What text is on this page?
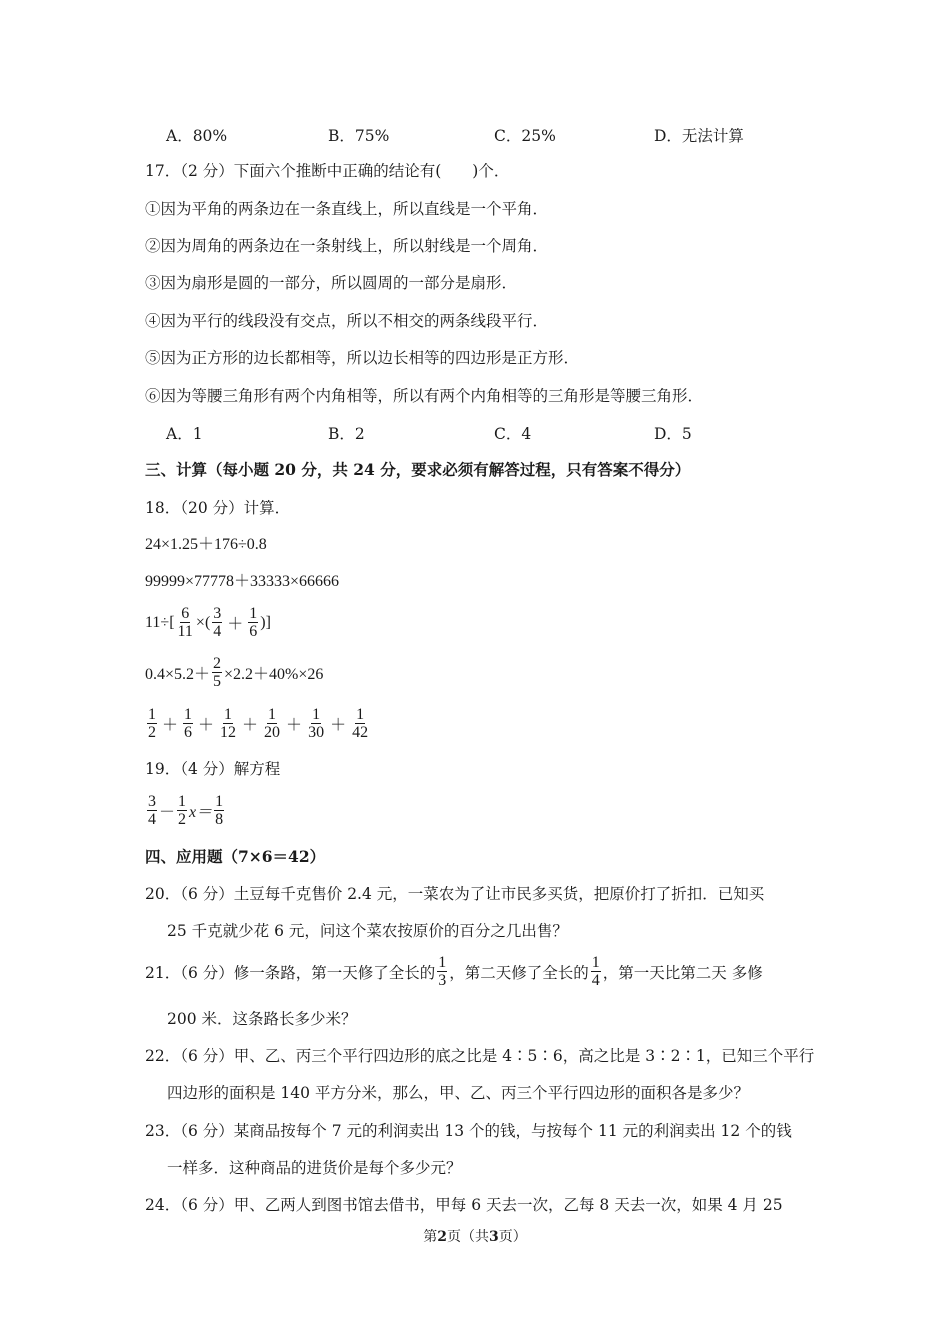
A．80%	B．75%	C．25%	D．无法计算
17．（2 分）下面六个推断中正确的结论有(　　)个．
①因为平角的两条边在一条直线上，所以直线是一个平角．
②因为周角的两条边在一条射线上，所以射线是一个周角．
③因为扇形是圆的一部分，所以圆周的一部分是扇形．
④因为平行的线段没有交点，所以不相交的两条线段平行．
⑤因为正方形的边长都相等，所以边长相等的四边形是正方形．
⑥因为等腰三角形有两个内角相等，所以有两个内角相等的三角形是等腰三角形．
A．1	B．2	C．4	D．5
三、计算（每小题 20 分，共 24 分，要求必须有解答过程，只有答案不得分）
18．（20 分）计算．
24×1.25＋176÷0.8
99999×77778＋33333×66666
$11\div[ \frac{6}{11}$ ×( $\frac{3}{4} + \frac{1}{6}$ )]
$0.4\times 5.2+ \frac{2}{5} \times 2.2+40\%\times 26$
$\frac{1}{2} + \frac{1}{6} + \frac{1}{12} + \frac{1}{20} + \frac{1}{30} + \frac{1}{42}$
19．（4 分）解方程
$\frac{3}{4} - \frac{1}{2} x= \frac{1}{8}$
四、应用题（7×6＝42）
20．（6 分）土豆每千克售价 2.4 元，一菜农为了让市民多买货，把原价打了折扣．已知买
25 千克就少花 6 元，问这个菜农按原价的百分之几出售？
21．（6 分）修一条路，第一天修了全长的 $\frac{1}{3}$ ，第二天修了全长的 $\frac{1}{4}$ ，第一天比第二天 多修
200 米．这条路长多少米？
22．（6 分）甲、乙、丙三个平行四边形的底之比是 4∶5∶6，高之比是 3∶2∶1，已知三个平行
四边形的面积是 140 平方分米，那么，甲、乙、丙三个平行四边形的面积各是多少？
23．（6 分）某商品按每个 7 元的利润卖出 13 个的钱，与按每个 11 元的利润卖出 12 个的钱
一样多．这种商品的进货价是每个多少元？
24．（6 分）甲、乙两人到图书馆去借书，甲每 6 天去一次，乙每 8 天去一次，如果 4 月 25
第2页（共3页）
